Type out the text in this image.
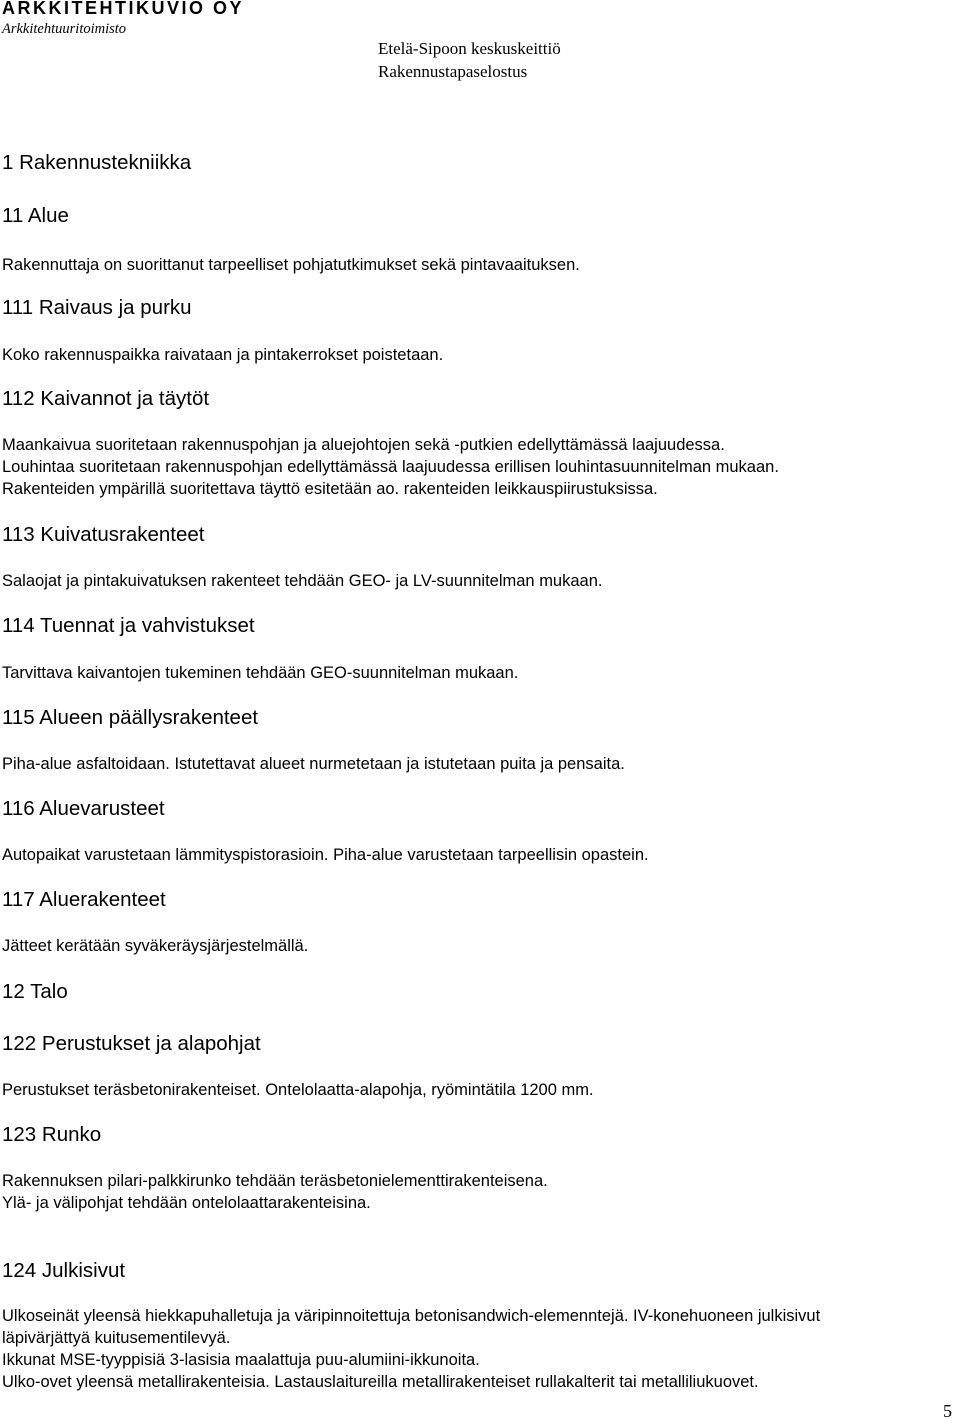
ARKKITEHTIKUVIO OY
Arkkitehtuuritoimisto
Etelä-Sipoon keskuskeittiö
Rakennustapaselostus
1 Rakennustekniikka
11 Alue
Rakennuttaja on suorittanut tarpeelliset pohjatutkimukset sekä pintavaaituksen.
111 Raivaus ja purku
Koko rakennuspaikka raivataan ja pintakerrokset poistetaan.
112 Kaivannot ja täytöt
Maankaivua suoritetaan rakennuspohjan ja aluejohtojen sekä -putkien edellyttämässä laajuudessa.
Louhintaa suoritetaan rakennuspohjan edellyttämässä laajuudessa erillisen louhintasuunnitelman mukaan.
Rakenteiden ympärillä suoritettava täyttö esitetään ao. rakenteiden leikkauspiirustuksissa.
113 Kuivatusrakenteet
Salaojat ja pintakuivatuksen rakenteet tehdään GEO- ja LV-suunnitelman mukaan.
114 Tuennat ja vahvistukset
Tarvittava kaivantojen tukeminen tehdään GEO-suunnitelman mukaan.
115 Alueen päällysrakenteet
Piha-alue asfaltoidaan. Istutettavat alueet nurmetetaan ja istutetaan puita ja pensaita.
116 Aluevarusteet
Autopaikat varustetaan lämmityspistorasioin. Piha-alue varustetaan tarpeellisin opastein.
117 Aluerakenteet
Jätteet kerätään syväkeräysjärjestelmällä.
12 Talo
122 Perustukset ja alapohjat
Perustukset teräsbetonirakenteiset. Ontelolaatta-alapohja, ryömintätila 1200 mm.
123 Runko
Rakennuksen pilari-palkkirunko tehdään teräsbetonielementtirakenteisena.
Ylä- ja välipohjat tehdään ontelolaattarakenteisina.
124 Julkisivut
Ulkoseinät yleensä hiekkapuhalletuja ja väripinnoitettuja betonisandwich-elemenntejä. IV-konehuoneen julkisivut
läpivärjättyä kuitusementilevyä.
Ikkunat MSE-tyyppisiä 3-lasisia maalattuja puu-alumiini-ikkunoita.
Ulko-ovet yleensä metallirakenteisia. Lastauslaitureilla metallirakenteiset rullakalterit tai metalliliukuovet.
5
